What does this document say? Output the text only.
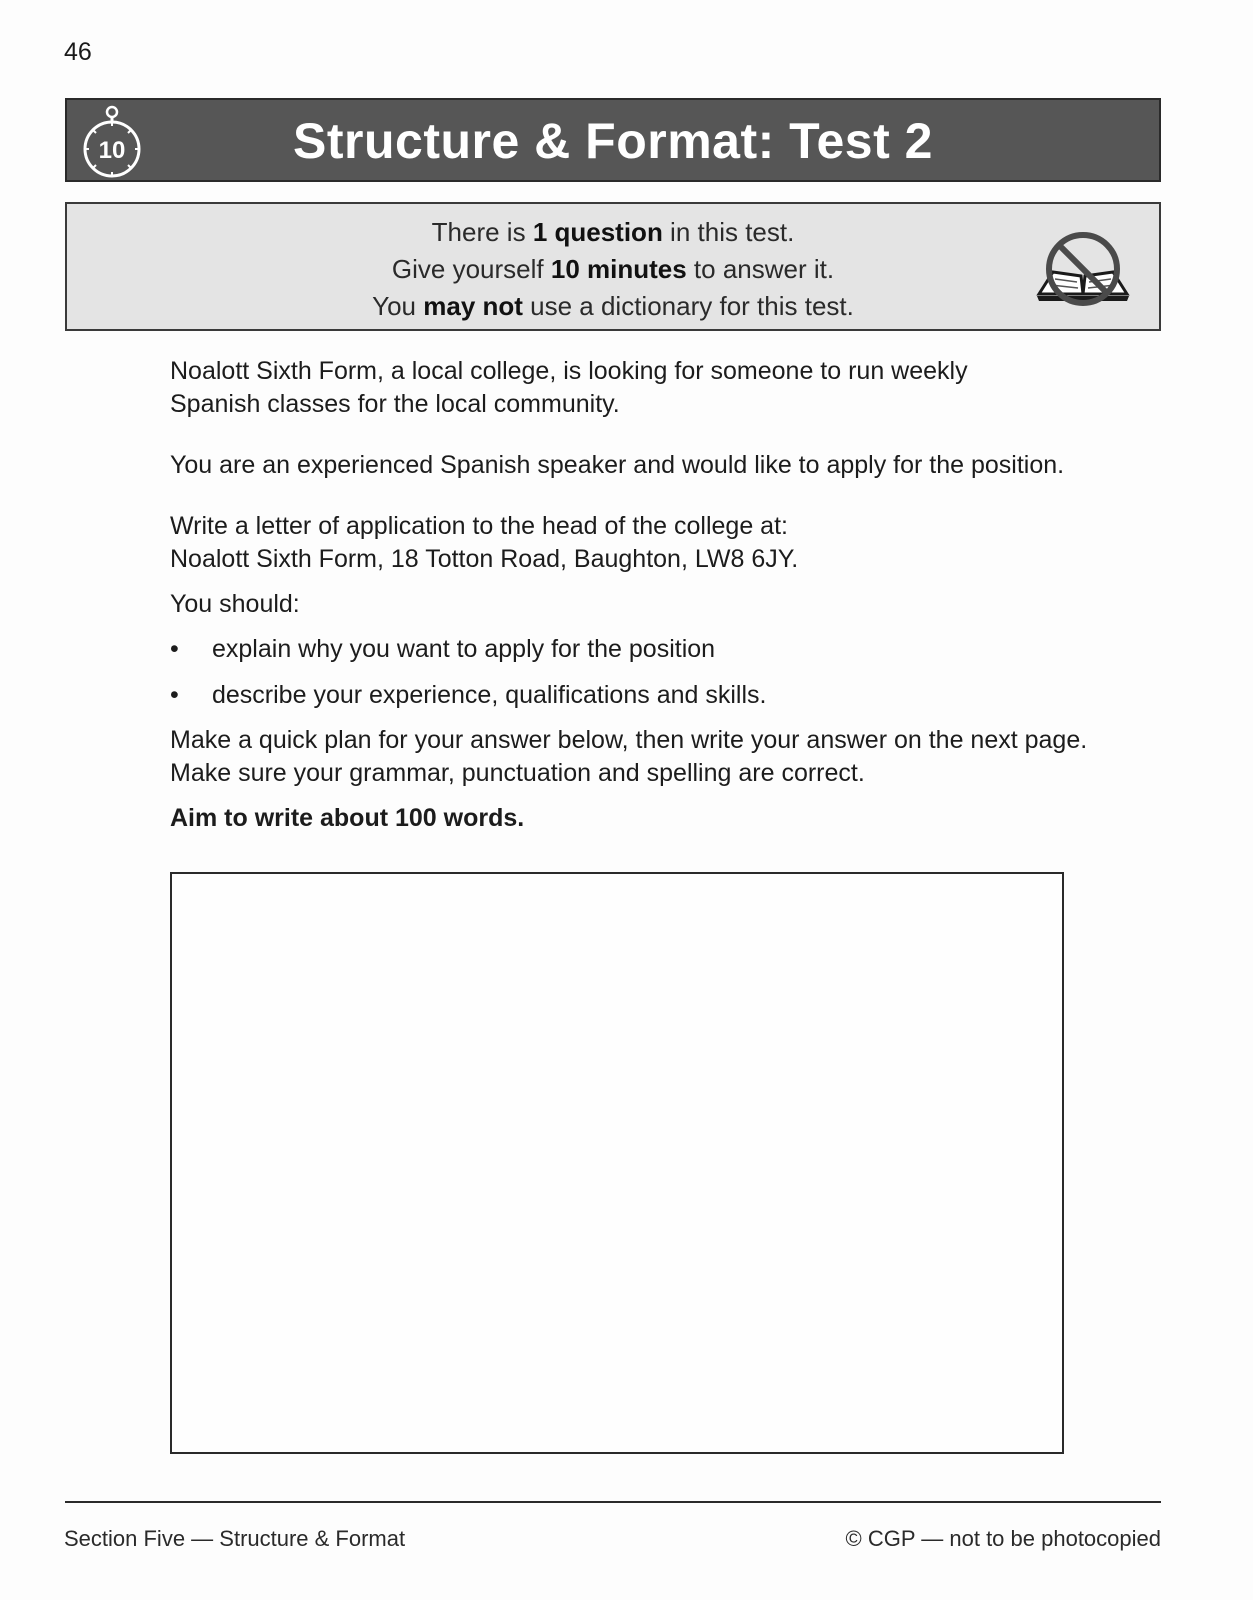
46
10	Structure & Format: Test 2
There is 1 question in this test.
Give yourself 10 minutes to answer it.
You may not use a dictionary for this test.

Noalott Sixth Form, a local college, is looking for someone to run weekly
Spanish classes for the local community.

You are an experienced Spanish speaker and would like to apply for the position.

Write a letter of application to the head of the college at:
Noalott Sixth Form, 18 Totton Road, Baughton, LW8 6JY.

You should:

• explain why you want to apply for the position
• describe your experience, qualifications and skills.

Make a quick plan for your answer below, then write your answer on the next page.
Make sure your grammar, punctuation and spelling are correct.

Aim to write about 100 words.

Section Five — Structure & Format	© CGP — not to be photocopied
